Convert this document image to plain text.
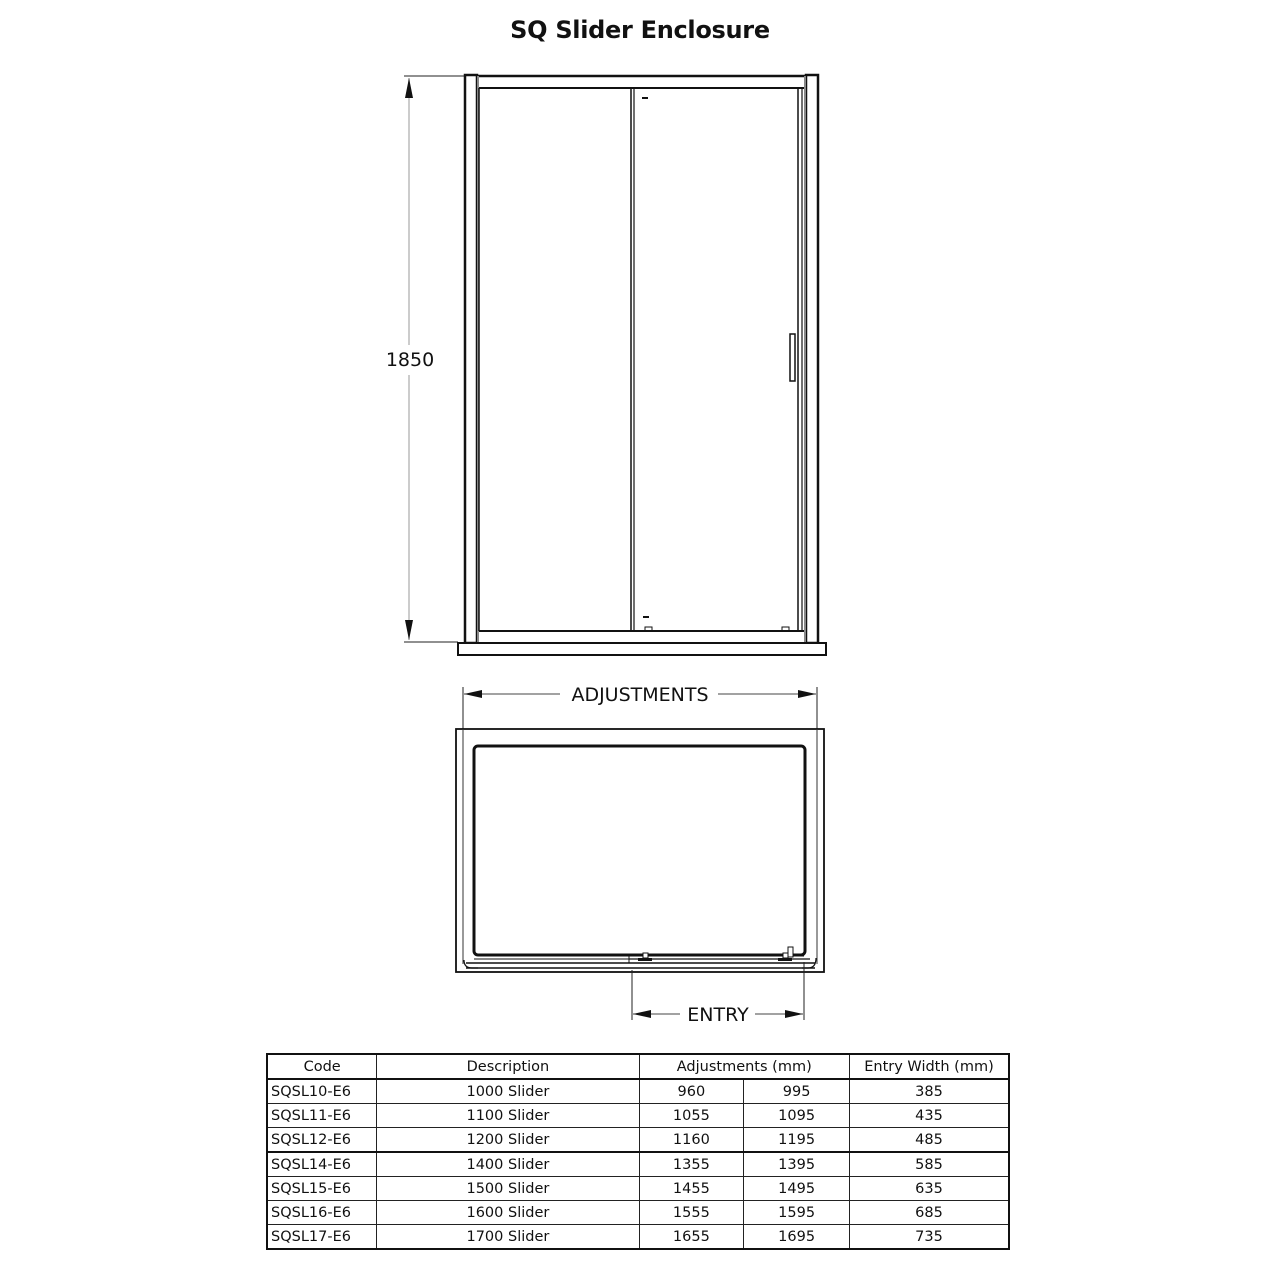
SQ Slider Enclosure
1850
ADJUSTMENTS
ENTRY
Code	Description	Adjustments (mm)		Entry Width (mm)
SQSL10-E6	1000 Slider	960	995	385
SQSL11-E6	1100 Slider	1055	1095	435
SQSL12-E6	1200 Slider	1160	1195	485
SQSL14-E6	1400 Slider	1355	1395	585
SQSL15-E6	1500 Slider	1455	1495	635
SQSL16-E6	1600 Slider	1555	1595	685
SQSL17-E6	1700 Slider	1655	1695	735
